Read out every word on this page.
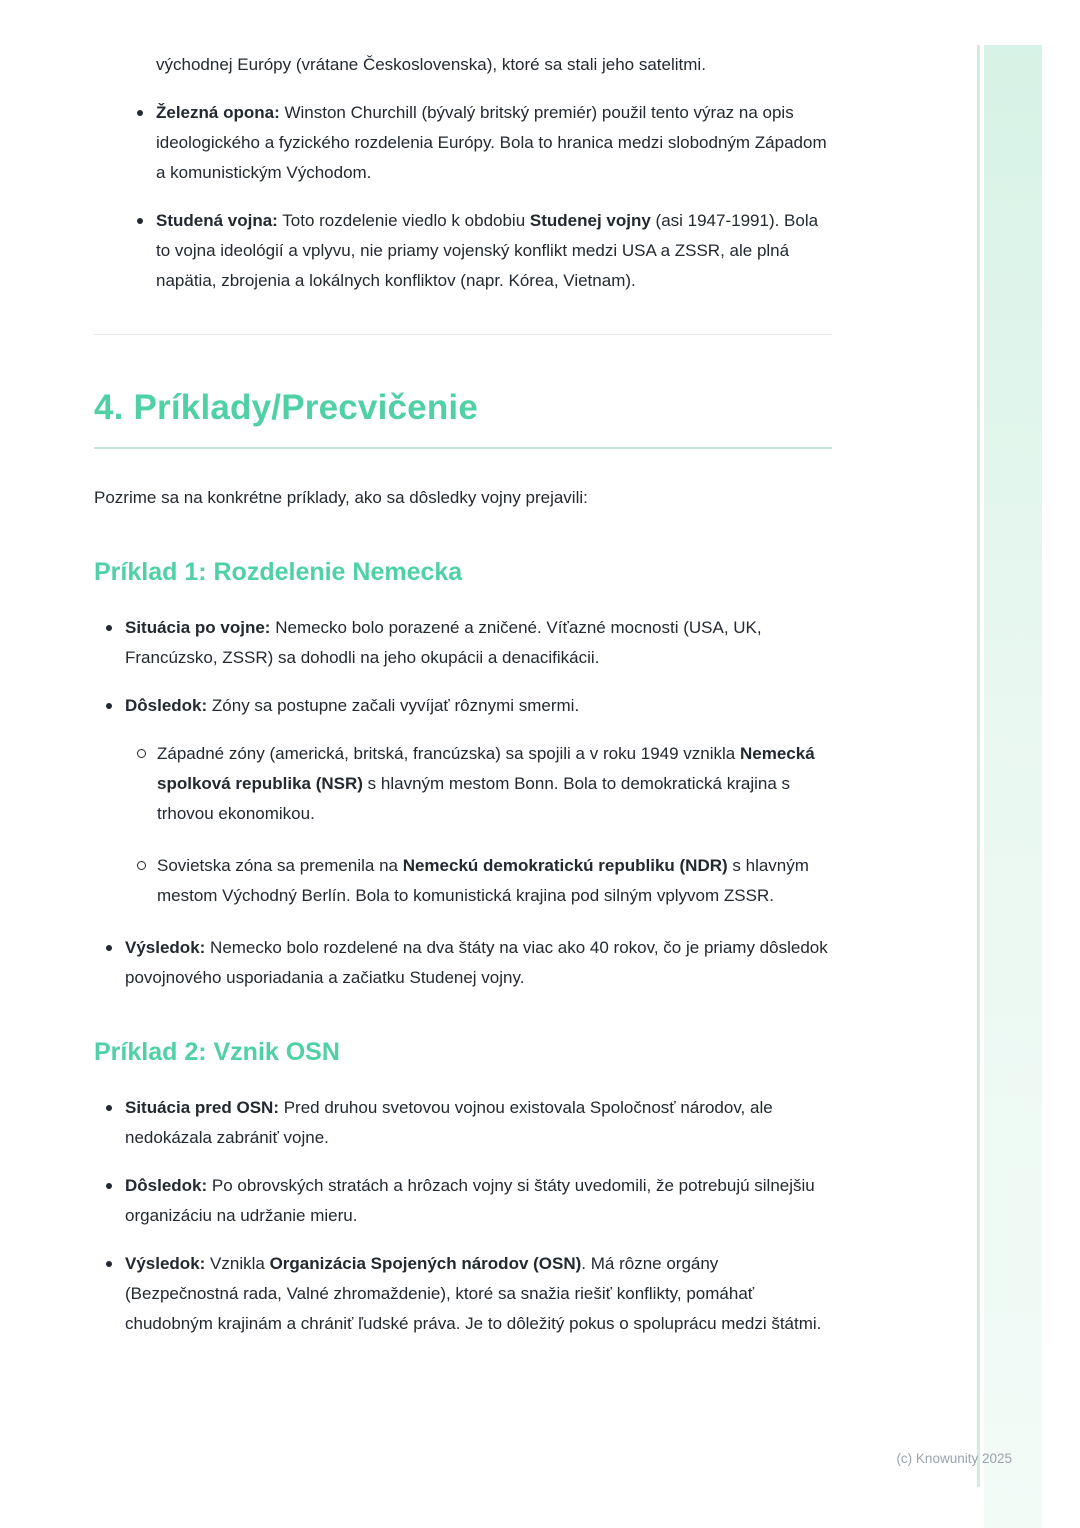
východnej Európy (vrátane Československa), ktoré sa stali jeho satelitmi.

Železná opona: Winston Churchill (bývalý britský premiér) použil tento výraz na opis ideologického a fyzického rozdelenia Európy. Bola to hranica medzi slobodným Západom a komunistickým Východom.
Studená vojna: Toto rozdelenie viedlo k obdobiu Studenej vojny (asi 1947-1991). Bola to vojna ideológií a vplyvu, nie priamy vojenský konflikt medzi USA a ZSSR, ale plná napätia, zbrojenia a lokálnych konfliktov (napr. Kórea, Vietnam).
4. Príklady/Precvičenie

Pozrime sa na konkrétne príklady, ako sa dôsledky vojny prejavili:

Príklad 1: Rozdelenie Nemecka
Situácia po vojne: Nemecko bolo porazené a zničené. Víťazné mocnosti (USA, UK, Francúzsko, ZSSR) sa dohodli na jeho okupácii a denacifikácii.
Dôsledok: Zóny sa postupne začali vyvíjať rôznymi smermi.
Západné zóny (americká, britská, francúzska) sa spojili a v roku 1949 vznikla Nemecká spolková republika (NSR) s hlavným mestom Bonn. Bola to demokratická krajina s trhovou ekonomikou.
Sovietska zóna sa premenila na Nemeckú demokratickú republiku (NDR) s hlavným mestom Východný Berlín. Bola to komunistická krajina pod silným vplyvom ZSSR.
Výsledok: Nemecko bolo rozdelené na dva štáty na viac ako 40 rokov, čo je priamy dôsledok povojnového usporiadania a začiatku Studenej vojny.
Príklad 2: Vznik OSN
Situácia pred OSN: Pred druhou svetovou vojnou existovala Spoločnosť národov, ale nedokázala zabrániť vojne.
Dôsledok: Po obrovských stratách a hrôzach vojny si štáty uvedomili, že potrebujú silnejšiu organizáciu na udržanie mieru.
Výsledok: Vznikla Organizácia Spojených národov (OSN). Má rôzne orgány (Bezpečnostná rada, Valné zhromaždenie), ktoré sa snažia riešiť konflikty, pomáhať chudobným krajinám a chrániť ľudské práva. Je to dôležitý pokus o spoluprácu medzi štátmi.
(c) Knowunity 2025
